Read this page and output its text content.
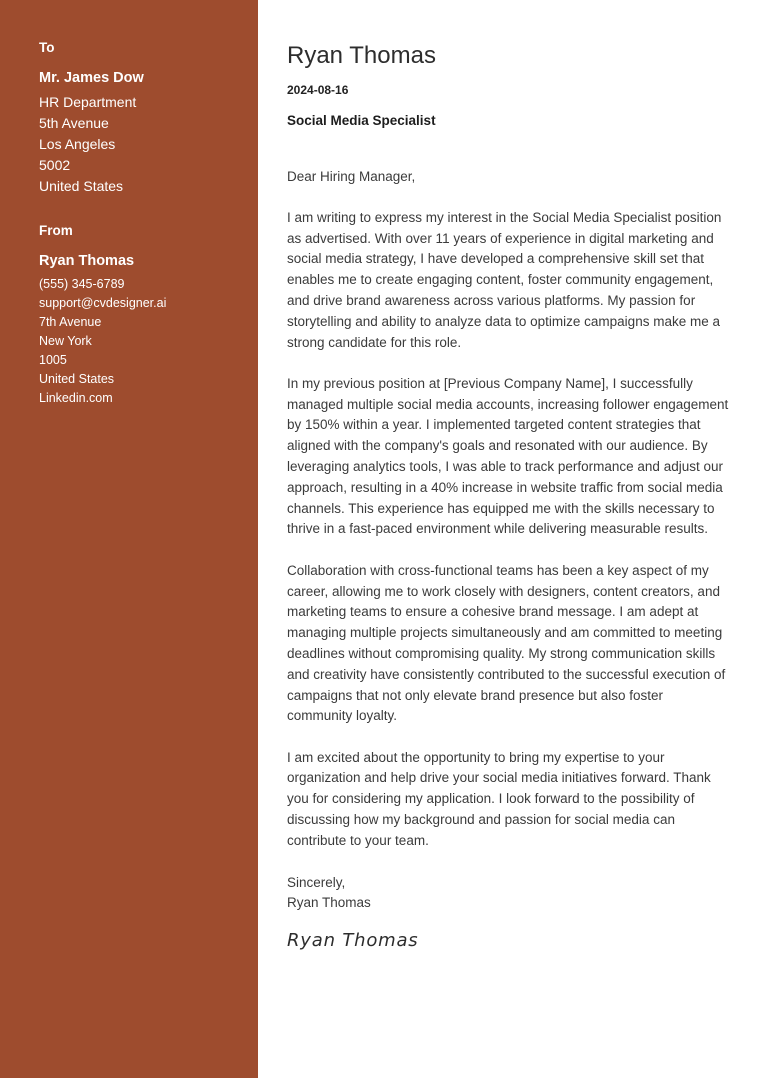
To
Mr. James Dow
HR Department
5th Avenue
Los Angeles
5002
United States
From
Ryan Thomas
(555) 345-6789
support@cvdesigner.ai
7th Avenue
New York
1005
United States
Linkedin.com
Ryan Thomas
2024-08-16
Social Media Specialist
Dear Hiring Manager,

I am writing to express my interest in the Social Media Specialist position as advertised. With over 11 years of experience in digital marketing and social media strategy, I have developed a comprehensive skill set that enables me to create engaging content, foster community engagement, and drive brand awareness across various platforms. My passion for storytelling and ability to analyze data to optimize campaigns make me a strong candidate for this role.

In my previous position at [Previous Company Name], I successfully managed multiple social media accounts, increasing follower engagement by 150% within a year. I implemented targeted content strategies that aligned with the company's goals and resonated with our audience. By leveraging analytics tools, I was able to track performance and adjust our approach, resulting in a 40% increase in website traffic from social media channels. This experience has equipped me with the skills necessary to thrive in a fast-paced environment while delivering measurable results.

Collaboration with cross-functional teams has been a key aspect of my career, allowing me to work closely with designers, content creators, and marketing teams to ensure a cohesive brand message. I am adept at managing multiple projects simultaneously and am committed to meeting deadlines without compromising quality. My strong communication skills and creativity have consistently contributed to the successful execution of campaigns that not only elevate brand presence but also foster community loyalty.

I am excited about the opportunity to bring my expertise to your organization and help drive your social media initiatives forward. Thank you for considering my application. I look forward to the possibility of discussing how my background and passion for social media can contribute to your team.

Sincerely,
Ryan Thomas
Ryan Thomas
